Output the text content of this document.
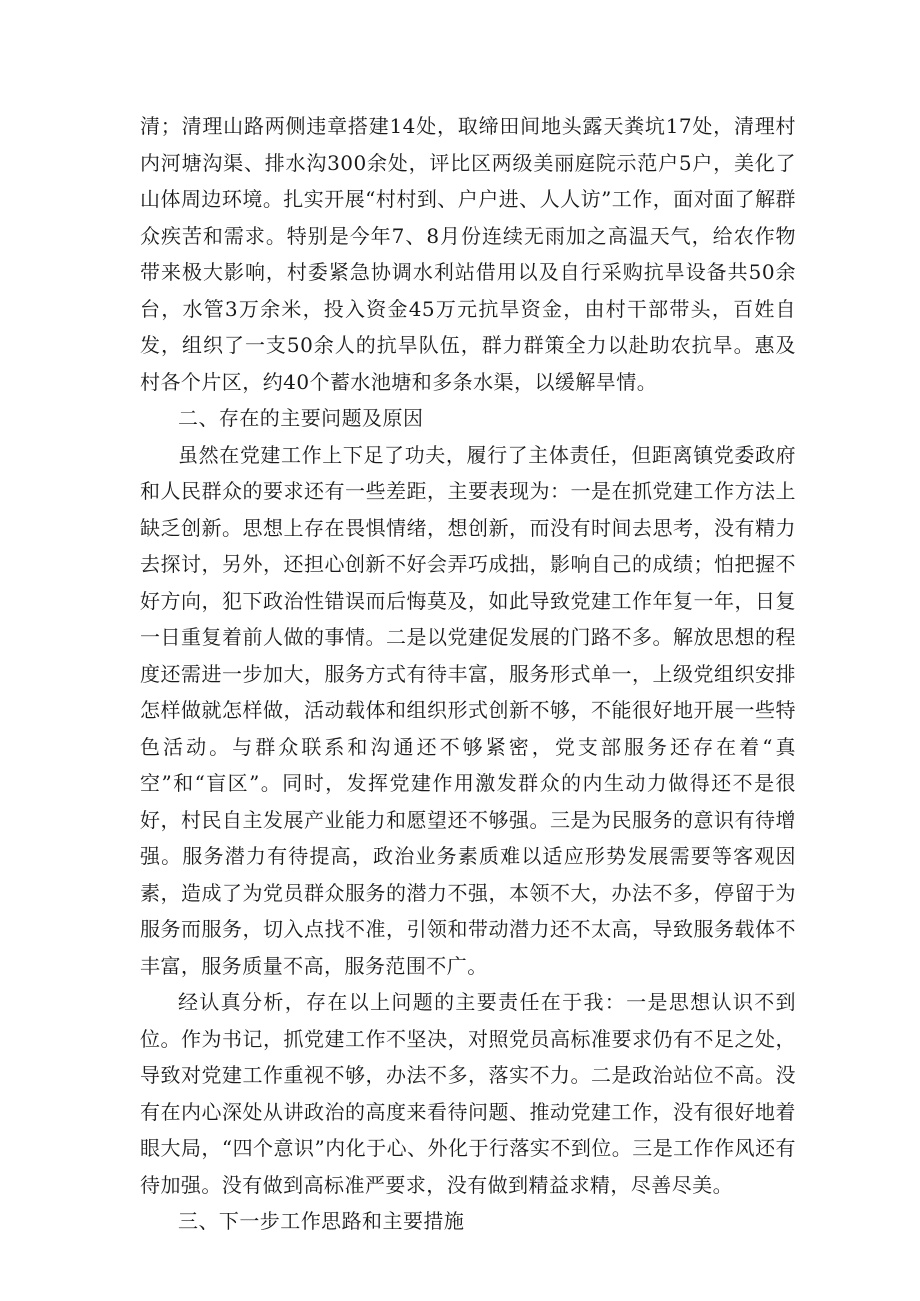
清；清理山路两侧违章搭建14处，取缔田间地头露天粪坑17处，清理村内河塘沟渠、排水沟300余处，评比区两级美丽庭院示范户5户，美化了山体周边环境。扎实开展“村村到、户户进、人人访”工作，面对面了解群众疾苦和需求。特别是今年7、8月份连续无雨加之高温天气，给农作物带来极大影响，村委紧急协调水利站借用以及自行采购抗旱设备共50余台，水管3万余米，投入资金45万元抗旱资金，由村干部带头，百姓自发，组织了一支50余人的抗旱队伍，群力群策全力以赴助农抗旱。惠及村各个片区，约40个蓄水池塘和多条水渠，以缓解旱情。

二、存在的主要问题及原因

虽然在党建工作上下足了功夫，履行了主体责任，但距离镇党委政府和人民群众的要求还有一些差距，主要表现为：一是在抓党建工作方法上缺乏创新。思想上存在畏惧情绪，想创新，而没有时间去思考，没有精力去探讨，另外，还担心创新不好会弄巧成拙，影响自己的成绩；怕把握不好方向，犯下政治性错误而后悔莫及，如此导致党建工作年复一年，日复一日重复着前人做的事情。二是以党建促发展的门路不多。解放思想的程度还需进一步加大，服务方式有待丰富，服务形式单一，上级党组织安排怎样做就怎样做，活动载体和组织形式创新不够，不能很好地开展一些特色活动。与群众联系和沟通还不够紧密，党支部服务还存在着“真空”和“盲区”。同时，发挥党建作用激发群众的内生动力做得还不是很好，村民自主发展产业能力和愿望还不够强。三是为民服务的意识有待增强。服务潜力有待提高，政治业务素质难以适应形势发展需要等客观因素，造成了为党员群众服务的潜力不强，本领不大，办法不多，停留于为服务而服务，切入点找不准，引领和带动潜力还不太高，导致服务载体不丰富，服务质量不高，服务范围不广。

经认真分析，存在以上问题的主要责任在于我：一是思想认识不到位。作为书记，抓党建工作不坚决，对照党员高标准要求仍有不足之处，导致对党建工作重视不够，办法不多，落实不力。二是政治站位不高。没有在内心深处从讲政治的高度来看待问题、推动党建工作，没有很好地着眼大局，“四个意识”内化于心、外化于行落实不到位。三是工作作风还有待加强。没有做到高标准严要求，没有做到精益求精，尽善尽美。

三、下一步工作思路和主要措施
